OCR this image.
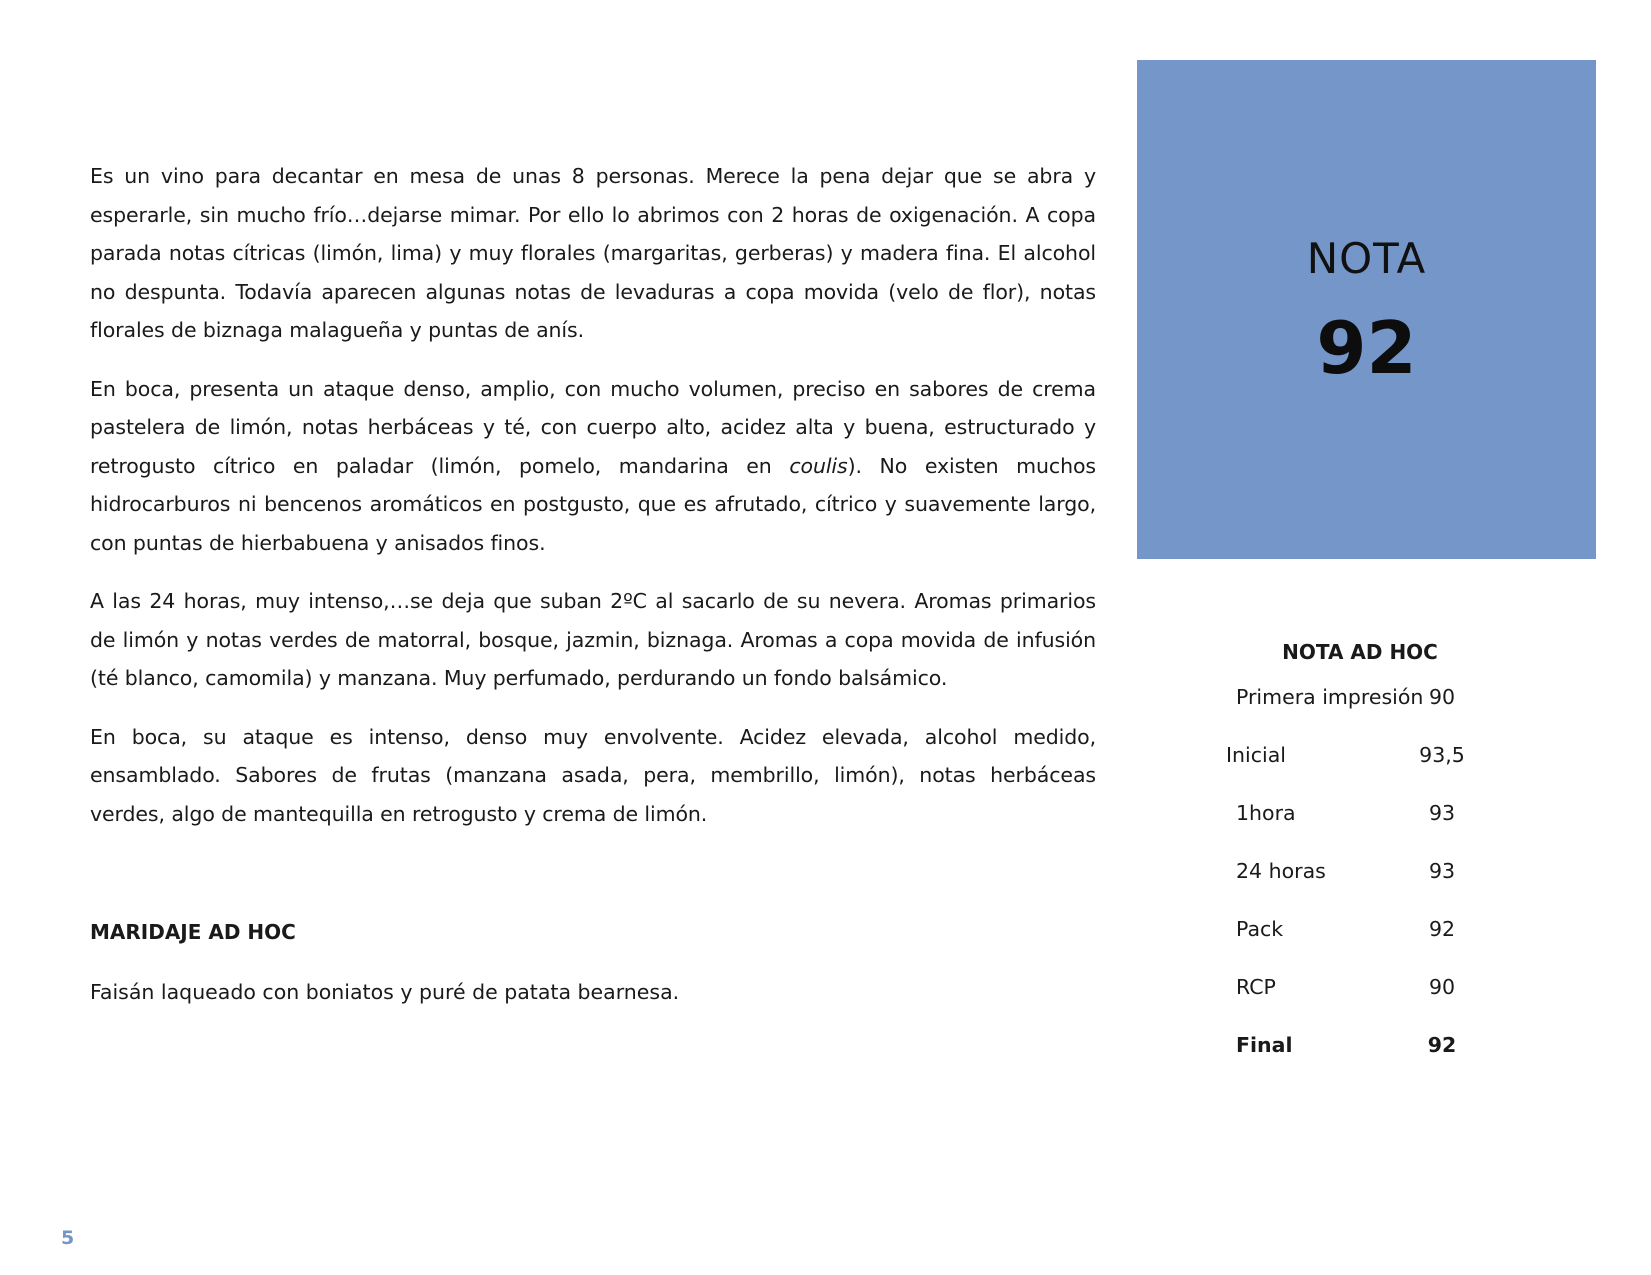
Es un vino para decantar en mesa de unas 8 personas. Merece la pena dejar que se abra y esperarle, sin mucho frío…dejarse mimar. Por ello lo abrimos con 2 horas de oxigenación. A copa parada notas cítricas (limón, lima) y muy florales (margaritas, gerberas) y madera fina. El alcohol no despunta. Todavía aparecen algunas notas de levaduras a copa movida (velo de flor), notas florales de biznaga malagueña y puntas de anís.

En boca, presenta un ataque denso, amplio, con mucho volumen, preciso en sabores de crema pastelera de limón, notas herbáceas y té, con cuerpo alto, acidez alta y buena, estructurado y retrogusto cítrico en paladar (limón, pomelo, mandarina en coulis). No existen muchos hidrocarburos ni bencenos aromáticos en postgusto, que es afrutado, cítrico y suavemente largo, con puntas de hierbabuena y anisados finos.

A las 24 horas, muy intenso,…se deja que suban 2ºC al sacarlo de su nevera. Aromas primarios de limón y notas verdes de matorral, bosque, jazmin, biznaga. Aromas a copa movida de infusión (té blanco, camomila) y manzana. Muy perfumado, perdurando un fondo balsámico.

En boca, su ataque es intenso, denso muy envolvente. Acidez elevada, alcohol medido, ensamblado. Sabores de frutas (manzana asada, pera, membrillo, limón), notas herbáceas verdes, algo de mantequilla en retrogusto y crema de limón.

MARIDAJE AD HOC

Faisán laqueado con boniatos y puré de patata bearnesa.

NOTA
92
NOTA AD HOC
Primera impresión 90
Inicial	93,5
1hora	93
24 horas	93
Pack	92
RCP	90
Final	92
5
